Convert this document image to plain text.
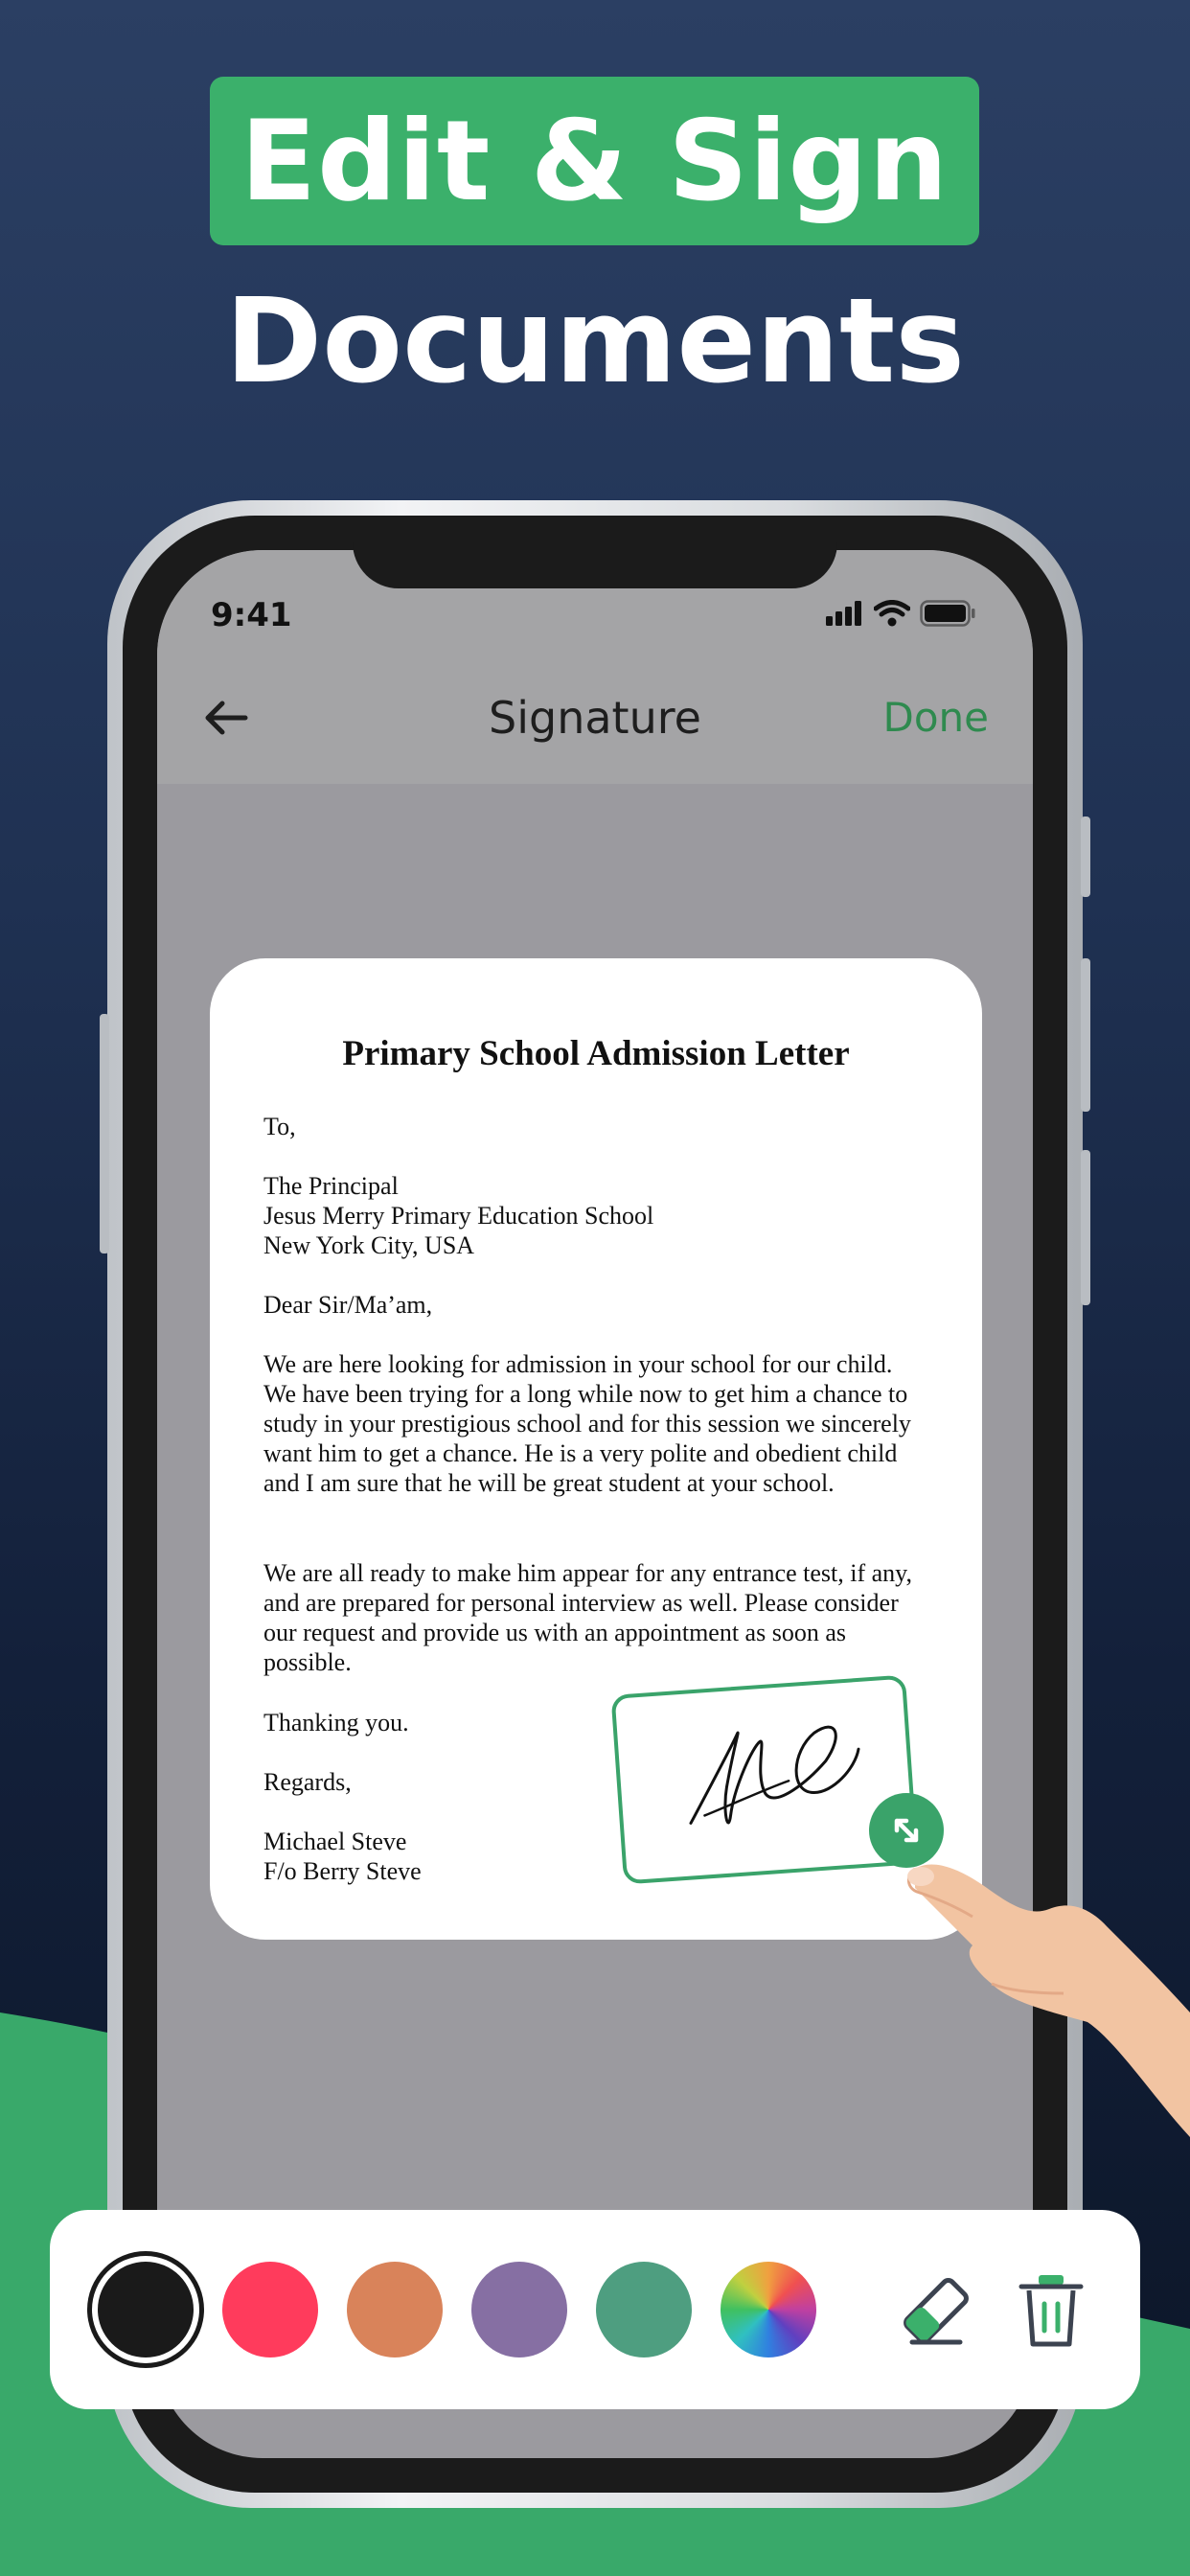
Edit & Sign
Documents
9:41
Signature	Done
Primary School Admission Letter
To,
The Principal
Jesus Merry Primary Education School
New York City, USA
Dear Sir/Ma’am,
We are here looking for admission in your school for our child. We have been trying for a long while now to get him a chance to study in your prestigious school and for this session we sincerely want him to get a chance. He is a very polite and obedient child and I am sure that he will be great student at your school.
We are all ready to make him appear for any entrance test, if any, and are prepared for personal interview as well. Please consider our request and provide us with an appointment as soon as possible.
Thanking you.
Regards,
Michael Steve
F/o Berry Steve
